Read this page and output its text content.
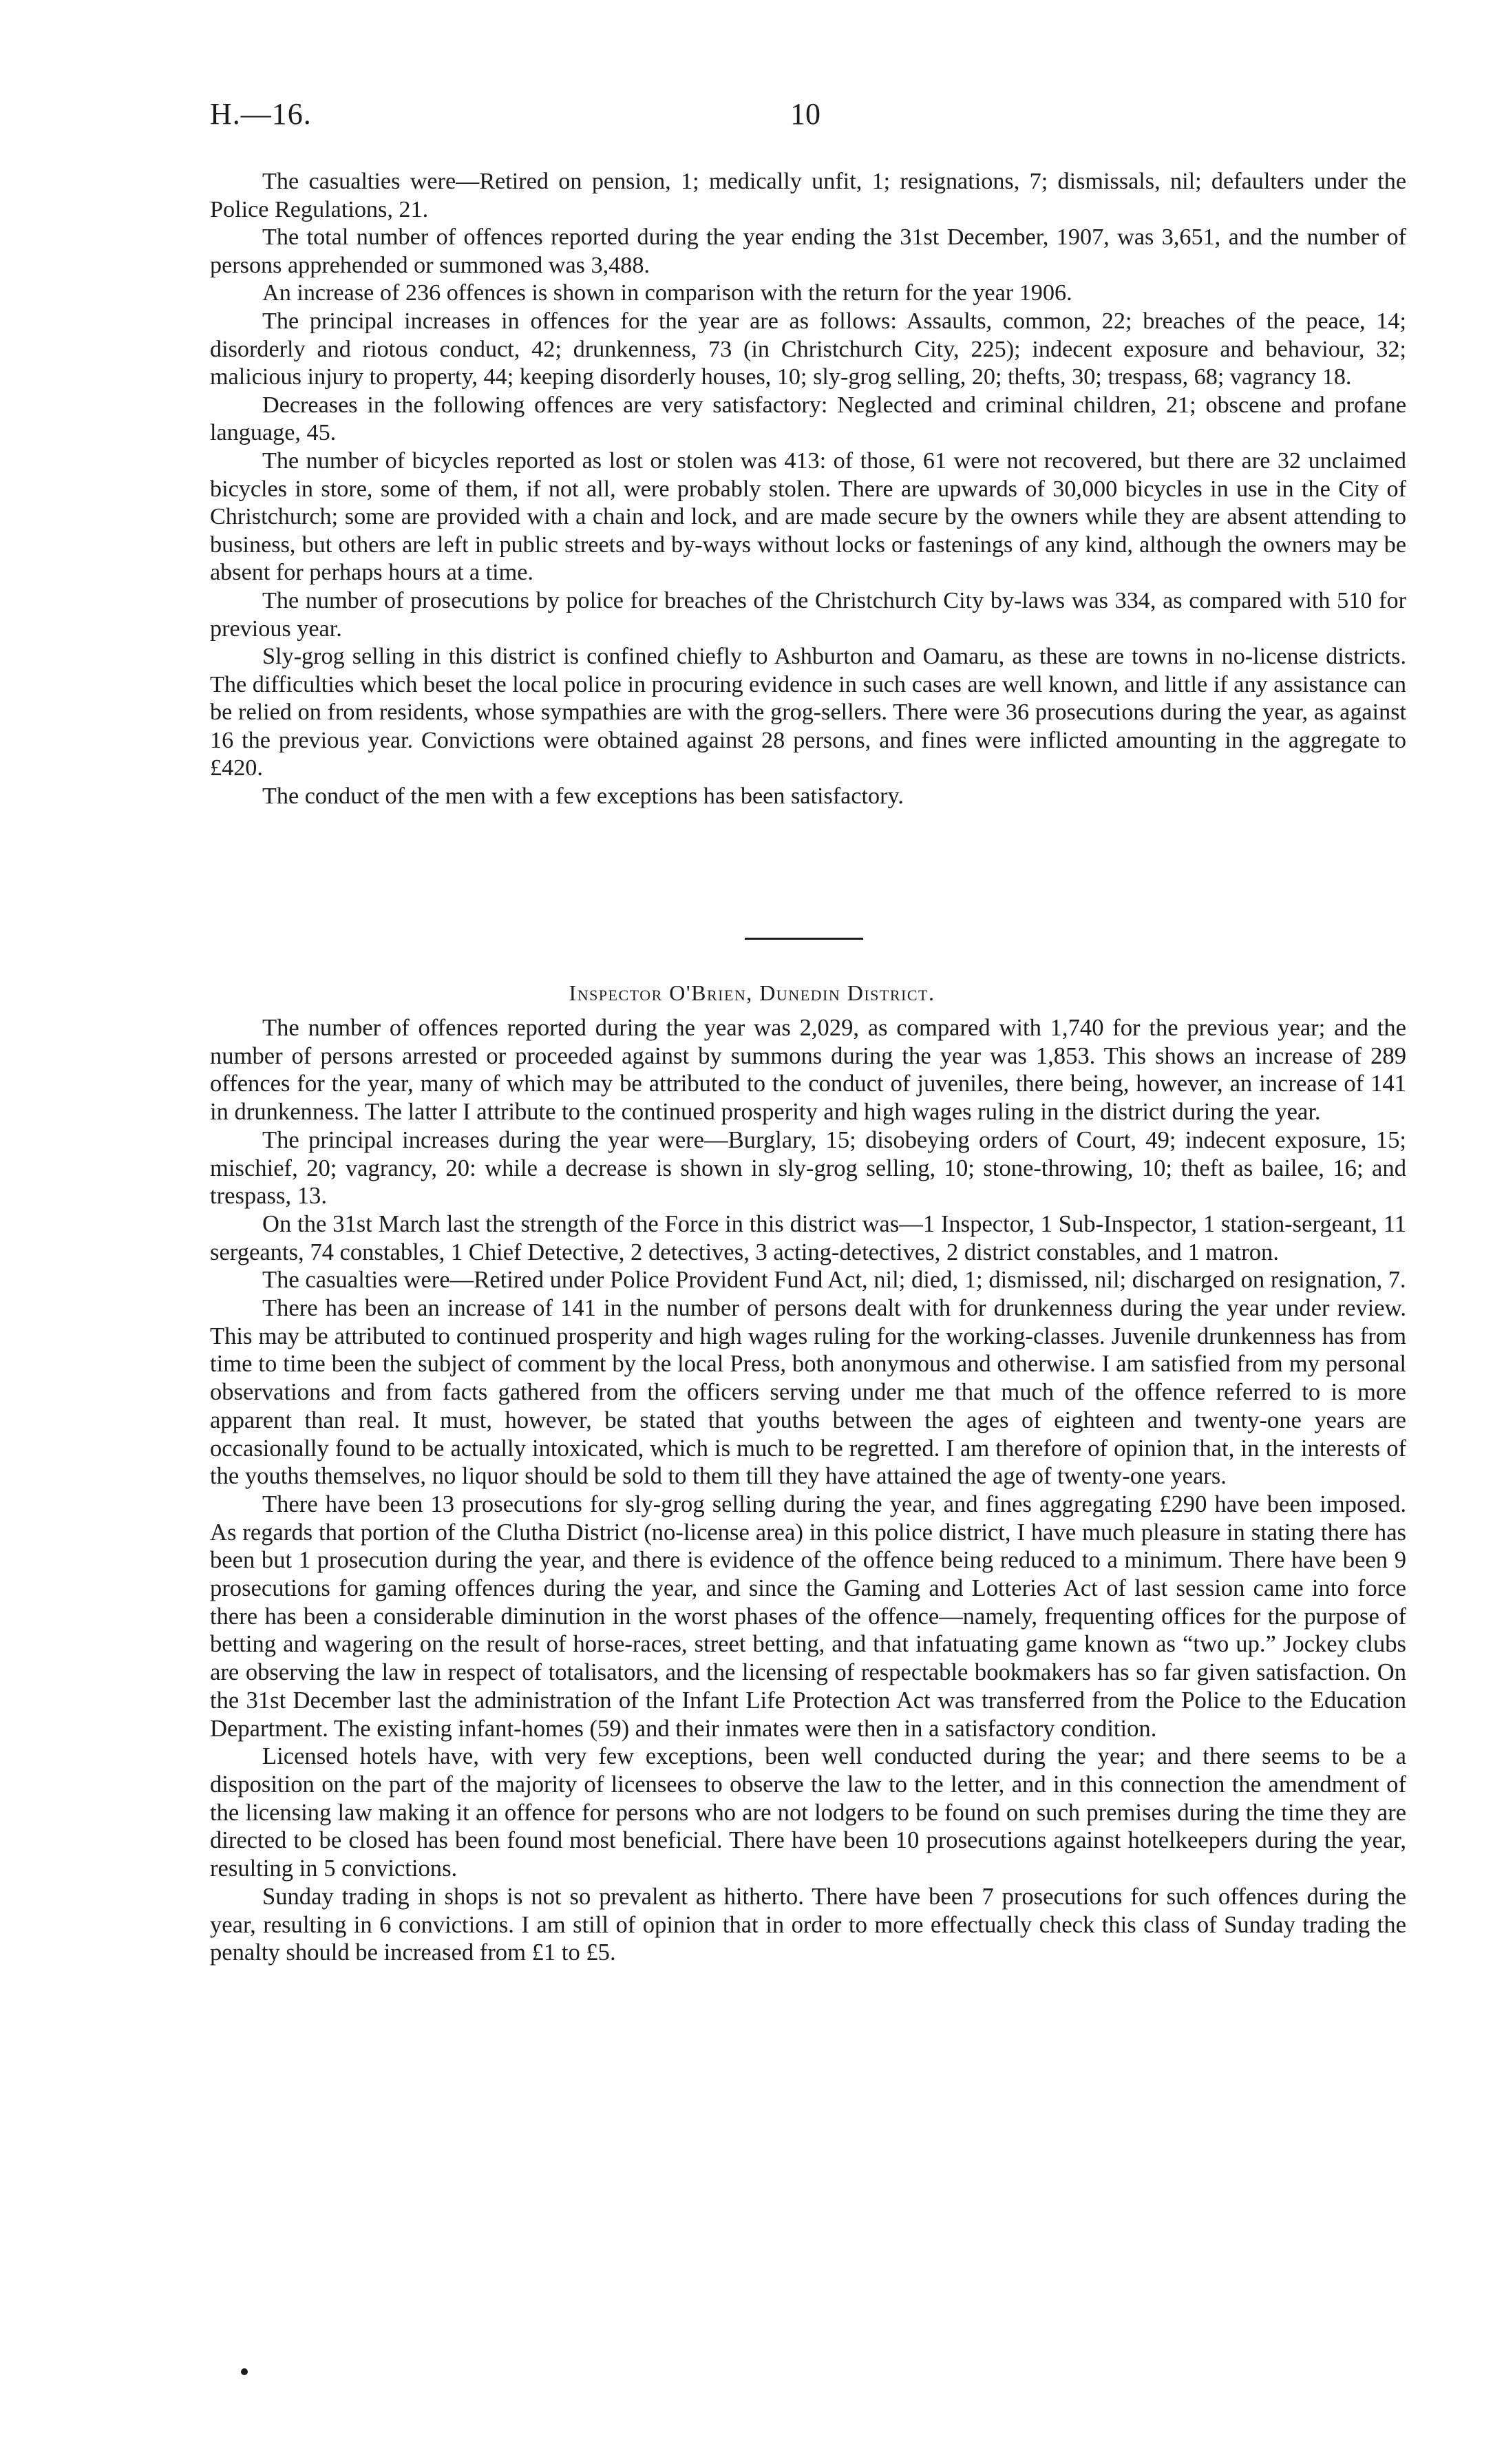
H.—16.	10

The casualties were—Retired on pension, 1; medically unfit, 1; resignations, 7; dismissals, nil; defaulters under the Police Regulations, 21.

The total number of offences reported during the year ending the 31st December, 1907, was 3,651, and the number of persons apprehended or summoned was 3,488.

An increase of 236 offences is shown in comparison with the return for the year 1906.

The principal increases in offences for the year are as follows: Assaults, common, 22; breaches of the peace, 14; disorderly and riotous conduct, 42; drunkenness, 73 (in Christchurch City, 225); indecent exposure and behaviour, 32; malicious injury to property, 44; keeping disorderly houses, 10; sly-grog selling, 20; thefts, 30; trespass, 68; vagrancy 18.

Decreases in the following offences are very satisfactory: Neglected and criminal children, 21; obscene and profane language, 45.

The number of bicycles reported as lost or stolen was 413: of those, 61 were not recovered, but there are 32 unclaimed bicycles in store, some of them, if not all, were probably stolen. There are upwards of 30,000 bicycles in use in the City of Christchurch; some are provided with a chain and lock, and are made secure by the owners while they are absent attending to business, but others are left in public streets and by-ways without locks or fastenings of any kind, although the owners may be absent for perhaps hours at a time.

The number of prosecutions by police for breaches of the Christchurch City by-laws was 334, as compared with 510 for previous year.

Sly-grog selling in this district is confined chiefly to Ashburton and Oamaru, as these are towns in no-license districts. The difficulties which beset the local police in procuring evidence in such cases are well known, and little if any assistance can be relied on from residents, whose sympathies are with the grog-sellers. There were 36 prosecutions during the year, as against 16 the previous year. Convictions were obtained against 28 persons, and fines were inflicted amounting in the aggregate to £420.

The conduct of the men with a few exceptions has been satisfactory.

Inspector O'Brien, Dunedin District.

The number of offences reported during the year was 2,029, as compared with 1,740 for the previous year; and the number of persons arrested or proceeded against by summons during the year was 1,853. This shows an increase of 289 offences for the year, many of which may be attributed to the conduct of juveniles, there being, however, an increase of 141 in drunkenness. The latter I attribute to the continued prosperity and high wages ruling in the district during the year.

The principal increases during the year were—Burglary, 15; disobeying orders of Court, 49; indecent exposure, 15; mischief, 20; vagrancy, 20: while a decrease is shown in sly-grog selling, 10; stone-throwing, 10; theft as bailee, 16; and trespass, 13.

On the 31st March last the strength of the Force in this district was—1 Inspector, 1 Sub-Inspector, 1 station-sergeant, 11 sergeants, 74 constables, 1 Chief Detective, 2 detectives, 3 acting-detectives, 2 district constables, and 1 matron.

The casualties were—Retired under Police Provident Fund Act, nil; died, 1; dismissed, nil; discharged on resignation, 7.

There has been an increase of 141 in the number of persons dealt with for drunkenness during the year under review. This may be attributed to continued prosperity and high wages ruling for the working-classes. Juvenile drunkenness has from time to time been the subject of comment by the local Press, both anonymous and otherwise. I am satisfied from my personal observations and from facts gathered from the officers serving under me that much of the offence referred to is more apparent than real. It must, however, be stated that youths between the ages of eighteen and twenty-one years are occasionally found to be actually intoxicated, which is much to be regretted. I am therefore of opinion that, in the interests of the youths themselves, no liquor should be sold to them till they have attained the age of twenty-one years.

There have been 13 prosecutions for sly-grog selling during the year, and fines aggregating £290 have been imposed. As regards that portion of the Clutha District (no-license area) in this police district, I have much pleasure in stating there has been but 1 prosecution during the year, and there is evidence of the offence being reduced to a minimum. There have been 9 prosecutions for gaming offences during the year, and since the Gaming and Lotteries Act of last session came into force there has been a considerable diminution in the worst phases of the offence—namely, frequenting offices for the purpose of betting and wagering on the result of horse-races, street betting, and that infatuating game known as “two up.” Jockey clubs are observing the law in respect of totalisators, and the licensing of respectable bookmakers has so far given satisfaction. On the 31st December last the administration of the Infant Life Protection Act was transferred from the Police to the Education Department. The existing infant-homes (59) and their inmates were then in a satisfactory condition.

Licensed hotels have, with very few exceptions, been well conducted during the year; and there seems to be a disposition on the part of the majority of licensees to observe the law to the letter, and in this connection the amendment of the licensing law making it an offence for persons who are not lodgers to be found on such premises during the time they are directed to be closed has been found most beneficial. There have been 10 prosecutions against hotelkeepers during the year, resulting in 5 convictions.

Sunday trading in shops is not so prevalent as hitherto. There have been 7 prosecutions for such offences during the year, resulting in 6 convictions. I am still of opinion that in order to more effectually check this class of Sunday trading the penalty should be increased from £1 to £5.
